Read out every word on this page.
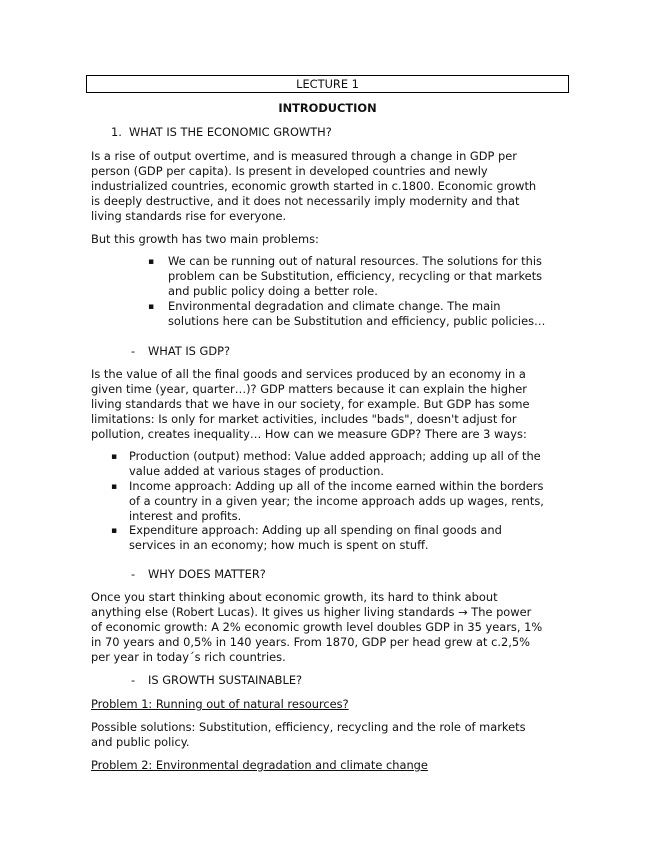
LECTURE 1
INTRODUCTION
1. WHAT IS THE ECONOMIC GROWTH?
Is a rise of output overtime, and is measured through a change in GDP per
person (GDP per capita). Is present in developed countries and newly
industrialized countries, economic growth started in c.1800. Economic growth
is deeply destructive, and it does not necessarily imply modernity and that
living standards rise for everyone.
But this growth has two main problems:
▪ We can be running out of natural resources. The solutions for this
problem can be Substitution, efficiency, recycling or that markets
and public policy doing a better role.
▪ Environmental degradation and climate change. The main
solutions here can be Substitution and efficiency, public policies…
- WHAT IS GDP?
Is the value of all the final goods and services produced by an economy in a
given time (year, quarter…)? GDP matters because it can explain the higher
living standards that we have in our society, for example. But GDP has some
limitations: Is only for market activities, includes "bads", doesn't adjust for
pollution, creates inequality… How can we measure GDP? There are 3 ways:
▪ Production (output) method: Value added approach; adding up all of the
value added at various stages of production.
▪ Income approach: Adding up all of the income earned within the borders
of a country in a given year; the income approach adds up wages, rents,
interest and profits.
▪ Expenditure approach: Adding up all spending on final goods and
services in an economy; how much is spent on stuff.
- WHY DOES MATTER?
Once you start thinking about economic growth, its hard to think about
anything else (Robert Lucas). It gives us higher living standards → The power
of economic growth: A 2% economic growth level doubles GDP in 35 years, 1%
in 70 years and 0,5% in 140 years. From 1870, GDP per head grew at c.2,5%
per year in today´s rich countries.
- IS GROWTH SUSTAINABLE?
Problem 1: Running out of natural resources?
Possible solutions: Substitution, efficiency, recycling and the role of markets
and public policy.
Problem 2: Environmental degradation and climate change
